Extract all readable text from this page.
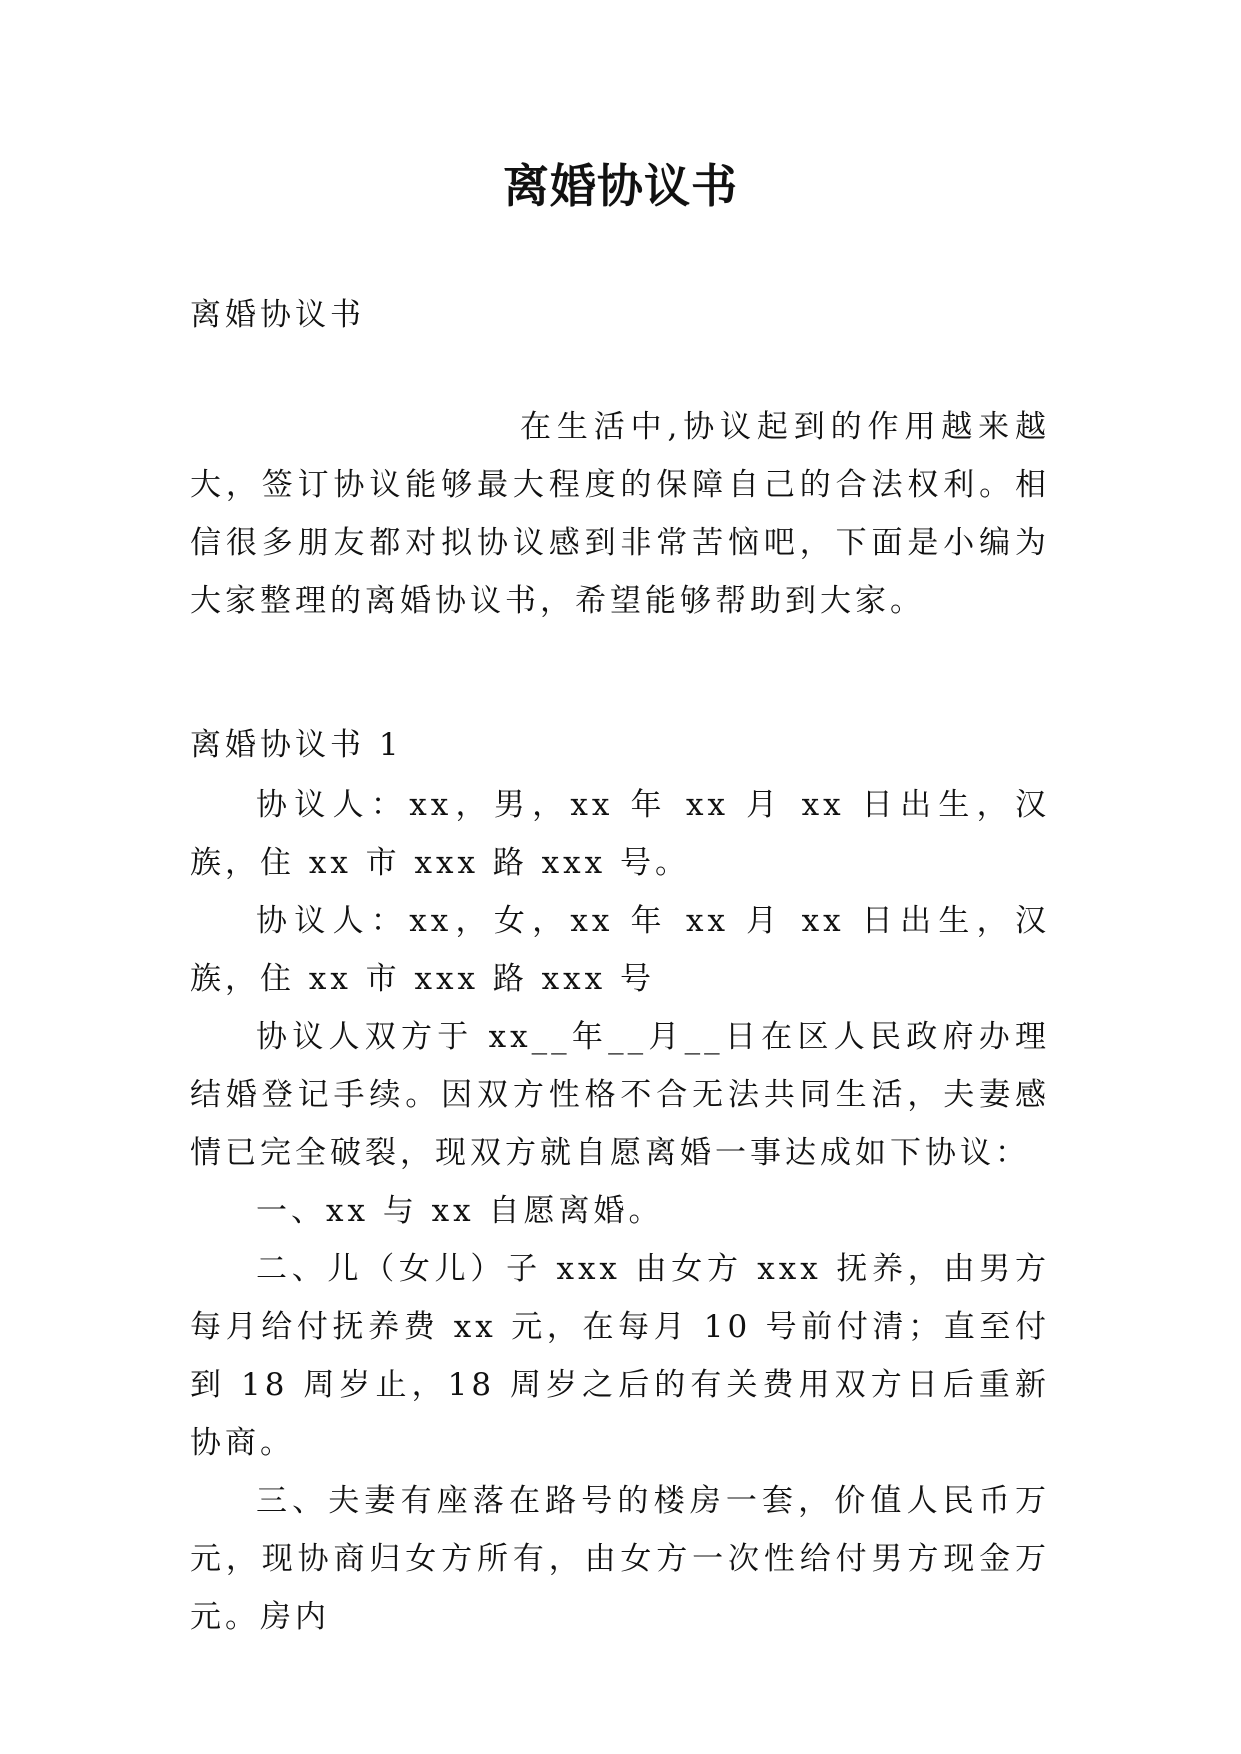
离婚协议书
离婚协议书
在生活中,协议起到的作用越来越大，签订协议能够最大程度的保障自己的合法权利。相信很多朋友都对拟协议感到非常苦恼吧，下面是小编为大家整理的离婚协议书，希望能够帮助到大家。
离婚协议书 1

协议人：xx，男，xx 年 xx 月 xx 日出生，汉族，住 xx 市 xxx 路 xxx 号。

协议人：xx，女，xx 年 xx 月 xx 日出生，汉族，住 xx 市 xxx 路 xxx 号

协议人双方于 xx__年__月__日在区人民政府办理结婚登记手续。因双方性格不合无法共同生活，夫妻感情已完全破裂，现双方就自愿离婚一事达成如下协议：

一、xx 与 xx 自愿离婚。

二、儿（女儿）子 xxx 由女方 xxx 抚养，由男方每月给付抚养费 xx 元，在每月 10 号前付清；直至付到 18 周岁止，18 周岁之后的有关费用双方日后重新协商。

三、夫妻有座落在路号的楼房一套，价值人民币万元，现协商归女方所有，由女方一次性给付男方现金万元。房内
